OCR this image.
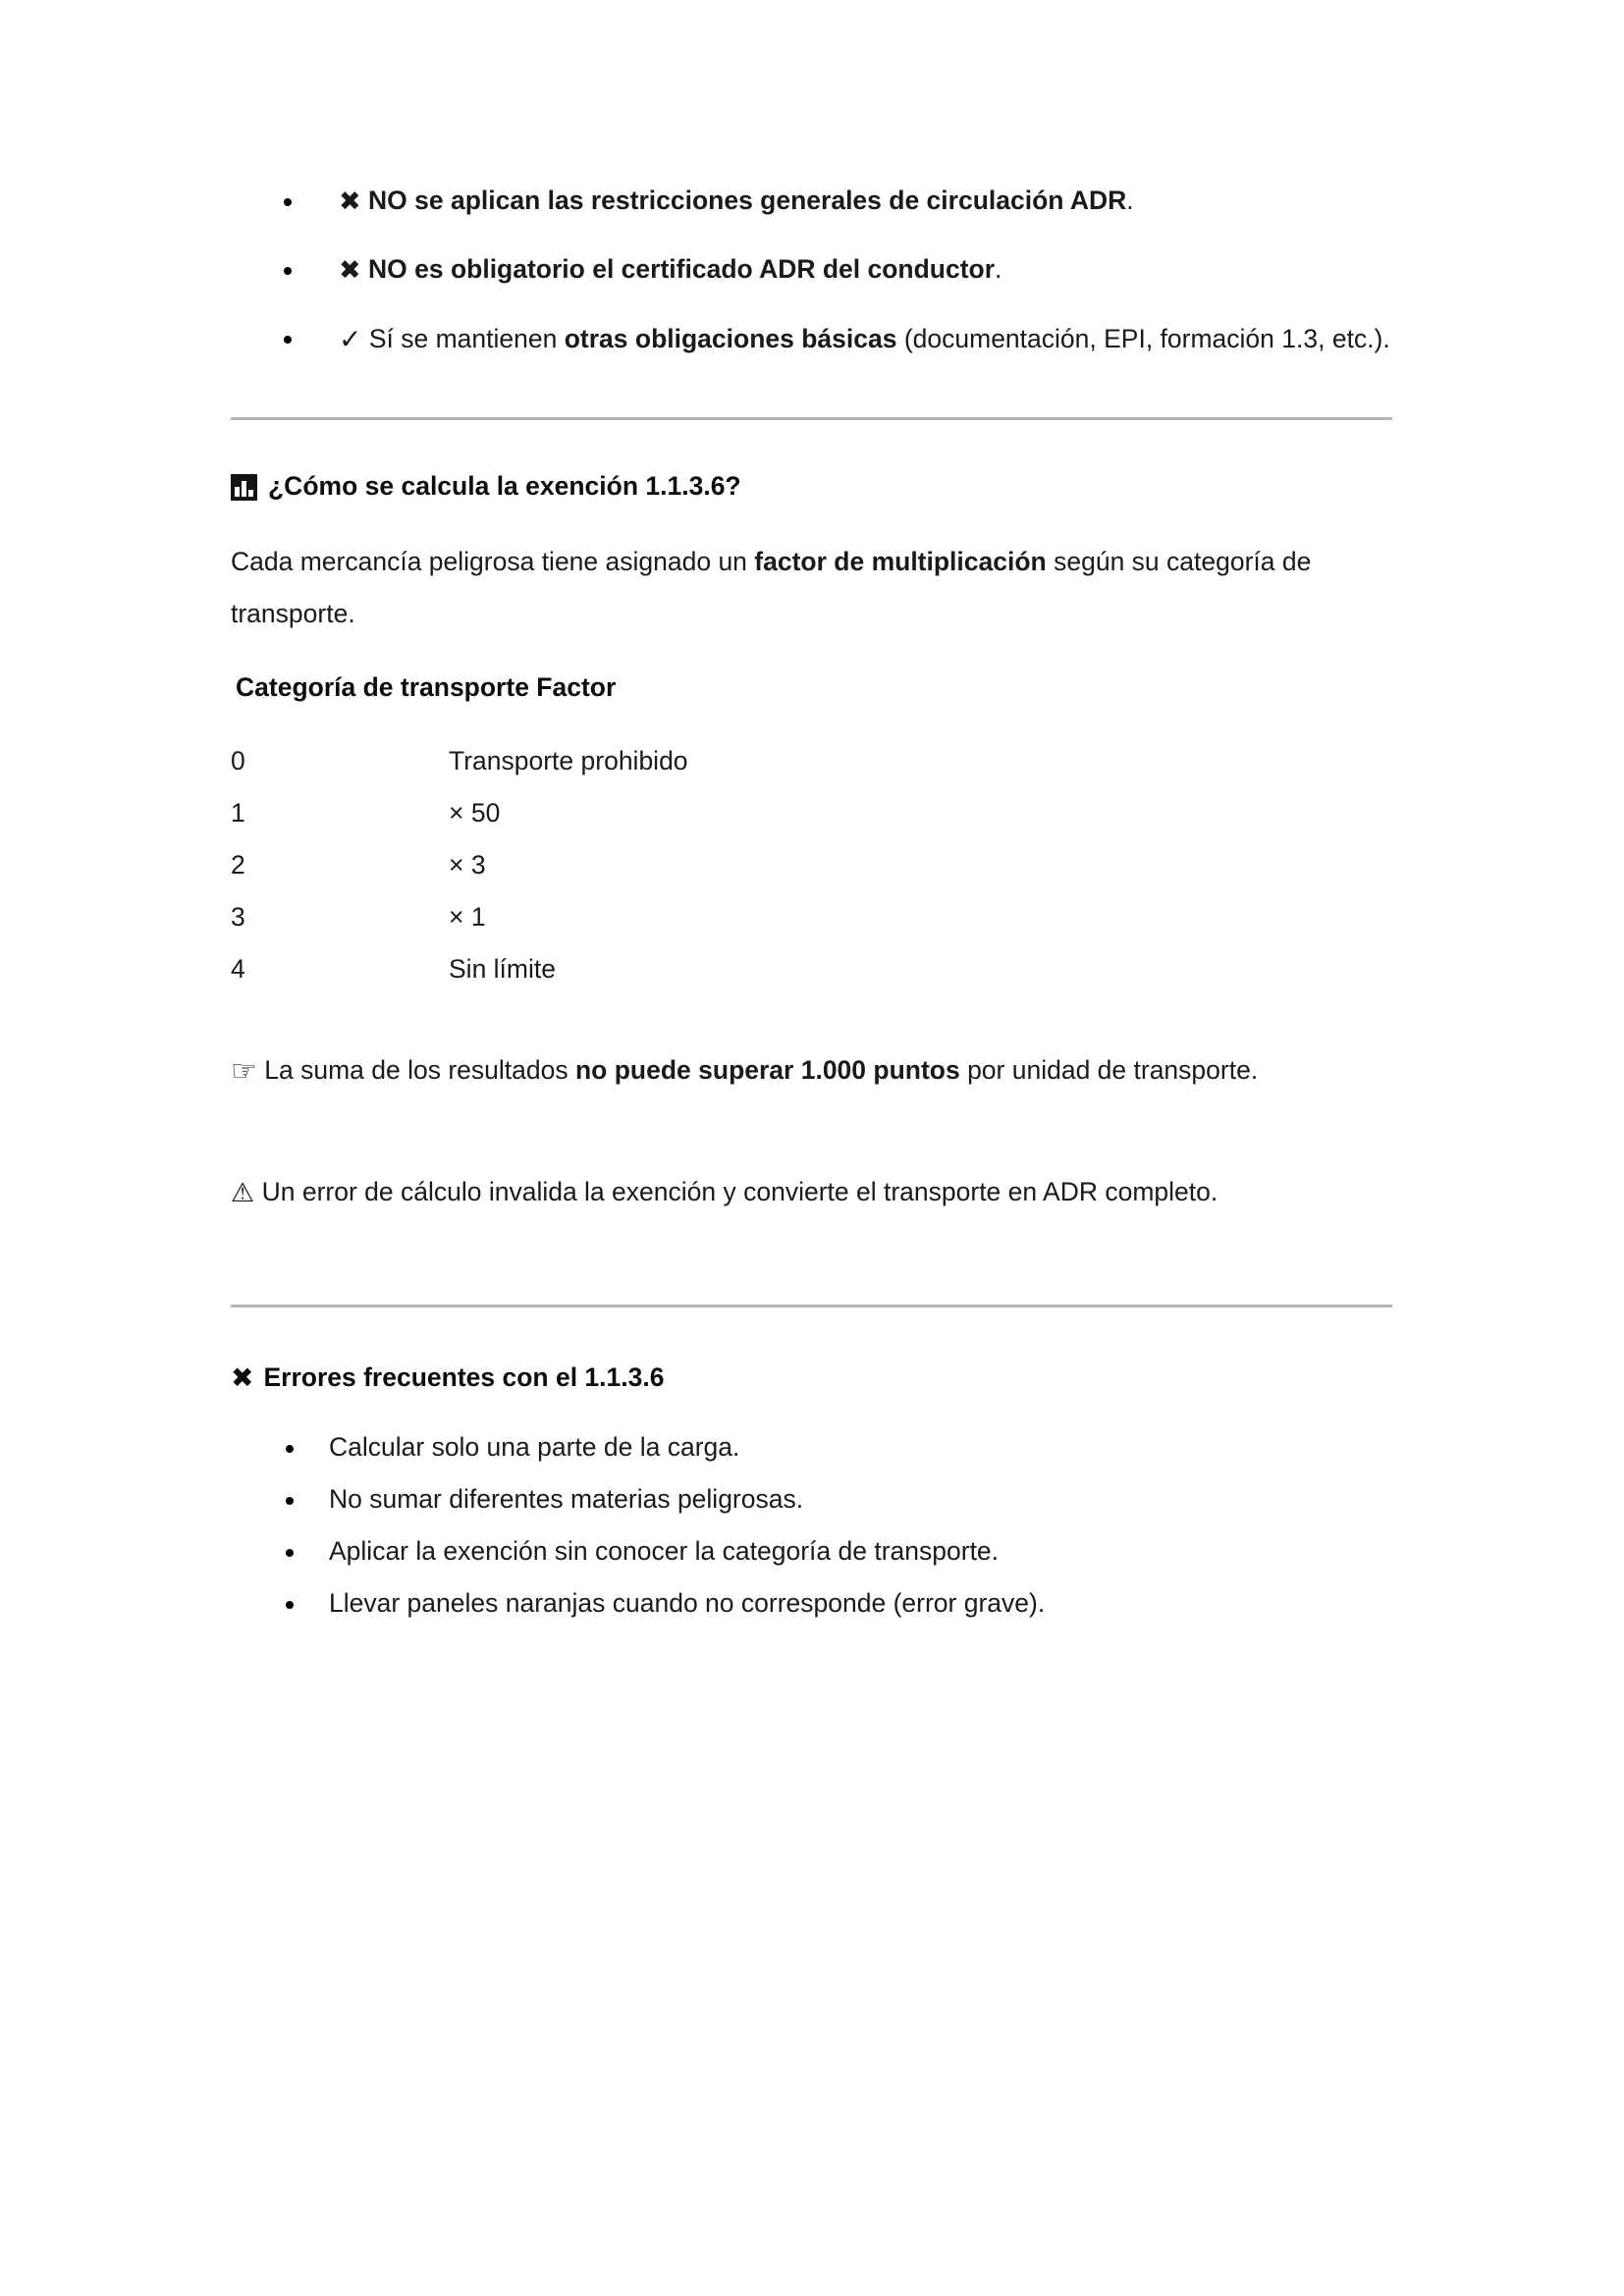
✖ NO se aplican las restricciones generales de circulación ADR.
✖ NO es obligatorio el certificado ADR del conductor.
✓ Sí se mantienen otras obligaciones básicas (documentación, EPI, formación 1.3, etc.).
¿Cómo se calcula la exención 1.1.3.6?

Cada mercancía peligrosa tiene asignado un factor de multiplicación según su categoría de transporte.

Categoría de transporte Factor
0	Transporte prohibido
1	× 50
2	× 3
3	× 1
4	Sin límite

☞ La suma de los resultados no puede superar 1.000 puntos por unidad de transporte.

⚠ Un error de cálculo invalida la exención y convierte el transporte en ADR completo.

✖ Errores frecuentes con el 1.1.3.6
Calcular solo una parte de la carga.
No sumar diferentes materias peligrosas.
Aplicar la exención sin conocer la categoría de transporte.
Llevar paneles naranjas cuando no corresponde (error grave).
